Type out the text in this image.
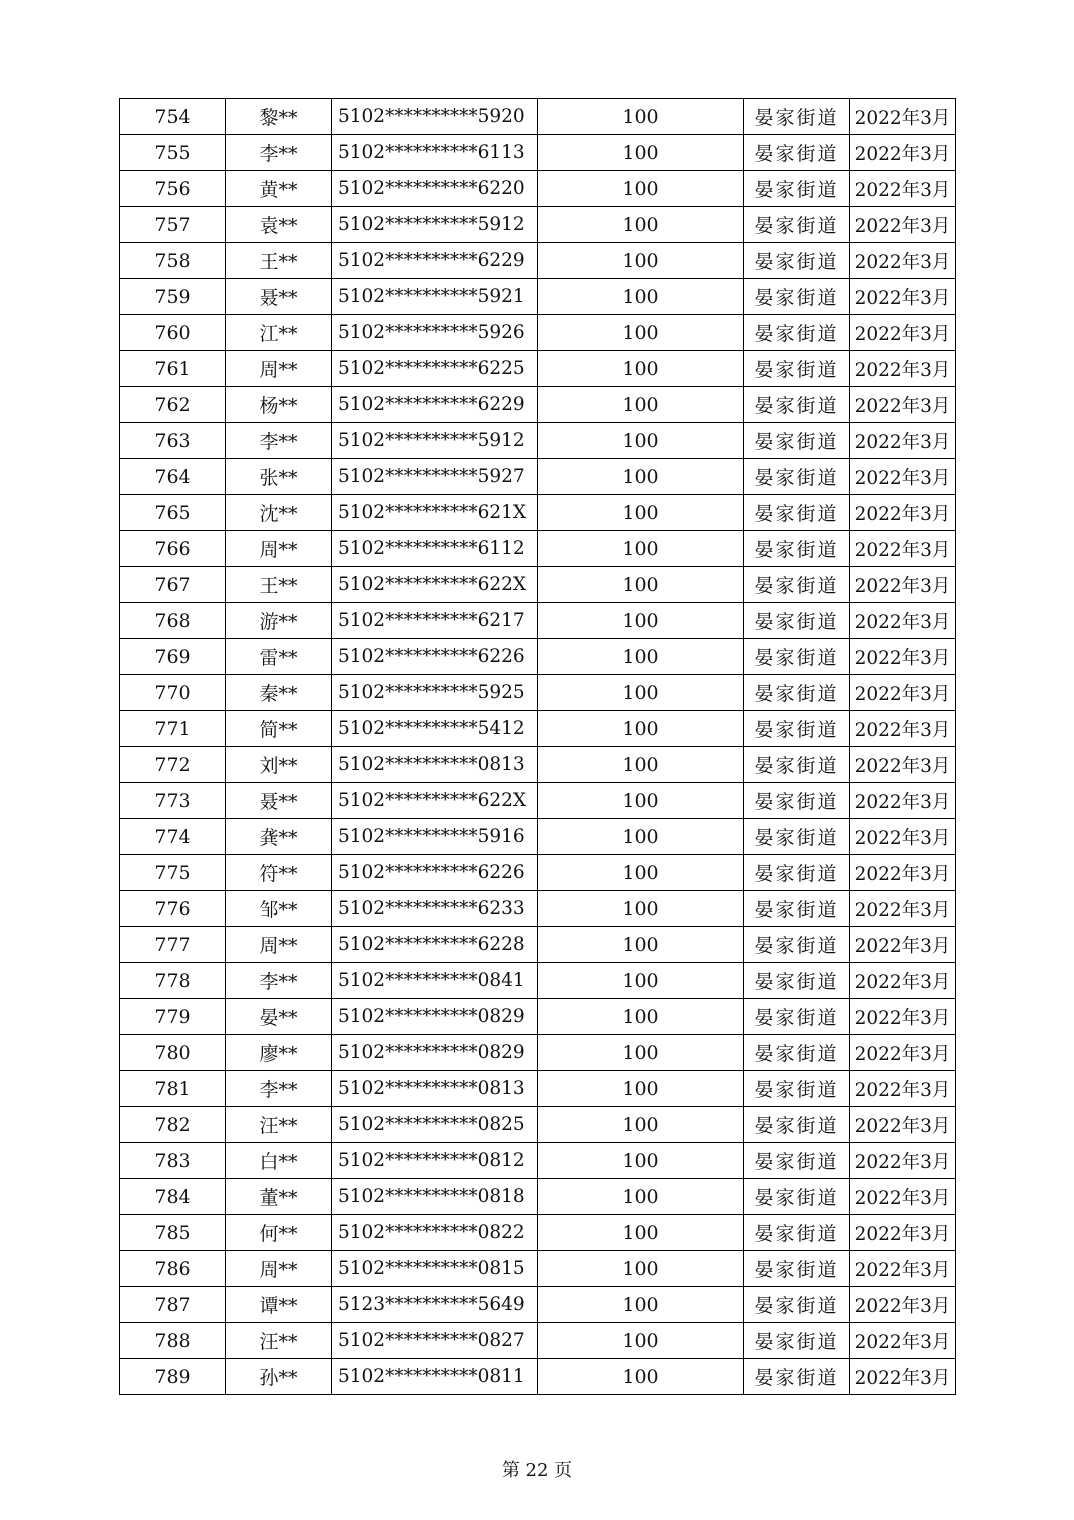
754	黎**	5102**********5920	100	晏家街道	2022年3月
755	李**	5102**********6113	100	晏家街道	2022年3月
756	黄**	5102**********6220	100	晏家街道	2022年3月
757	袁**	5102**********5912	100	晏家街道	2022年3月
758	王**	5102**********6229	100	晏家街道	2022年3月
759	聂**	5102**********5921	100	晏家街道	2022年3月
760	江**	5102**********5926	100	晏家街道	2022年3月
761	周**	5102**********6225	100	晏家街道	2022年3月
762	杨**	5102**********6229	100	晏家街道	2022年3月
763	李**	5102**********5912	100	晏家街道	2022年3月
764	张**	5102**********5927	100	晏家街道	2022年3月
765	沈**	5102**********621X	100	晏家街道	2022年3月
766	周**	5102**********6112	100	晏家街道	2022年3月
767	王**	5102**********622X	100	晏家街道	2022年3月
768	游**	5102**********6217	100	晏家街道	2022年3月
769	雷**	5102**********6226	100	晏家街道	2022年3月
770	秦**	5102**********5925	100	晏家街道	2022年3月
771	简**	5102**********5412	100	晏家街道	2022年3月
772	刘**	5102**********0813	100	晏家街道	2022年3月
773	聂**	5102**********622X	100	晏家街道	2022年3月
774	龚**	5102**********5916	100	晏家街道	2022年3月
775	符**	5102**********6226	100	晏家街道	2022年3月
776	邹**	5102**********6233	100	晏家街道	2022年3月
777	周**	5102**********6228	100	晏家街道	2022年3月
778	李**	5102**********0841	100	晏家街道	2022年3月
779	晏**	5102**********0829	100	晏家街道	2022年3月
780	廖**	5102**********0829	100	晏家街道	2022年3月
781	李**	5102**********0813	100	晏家街道	2022年3月
782	汪**	5102**********0825	100	晏家街道	2022年3月
783	白**	5102**********0812	100	晏家街道	2022年3月
784	董**	5102**********0818	100	晏家街道	2022年3月
785	何**	5102**********0822	100	晏家街道	2022年3月
786	周**	5102**********0815	100	晏家街道	2022年3月
787	谭**	5123**********5649	100	晏家街道	2022年3月
788	汪**	5102**********0827	100	晏家街道	2022年3月
789	孙**	5102**********0811	100	晏家街道	2022年3月
第 22 页
